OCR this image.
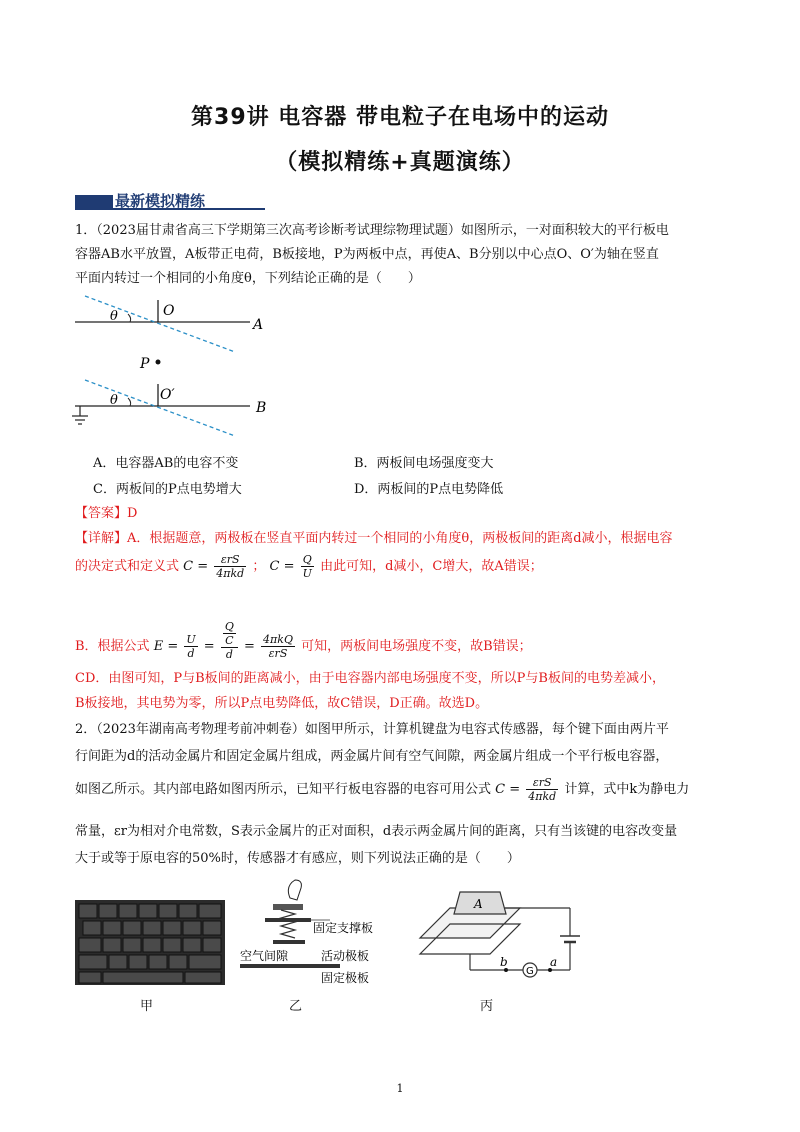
第39讲 电容器 带电粒子在电场中的运动
（模拟精练+真题演练）
最新模拟精练
1．（2023届甘肃省高三下学期第三次高考诊断考试理综物理试题）如图所示，一对面积较大的平行板电
容器AB水平放置，A板带正电荷，B板接地，P为两板中点，再使A、B分别以中心点O、O′为轴在竖直
平面内转过一个相同的小角度θ，下列结论正确的是（　　）
θ	O
A
P
θ	O′
B
A．电容器AB的电容不变	B．两板间电场强度变大
C．两板间的P点电势增大	D．两板间的P点电势降低
【答案】D
【详解】A．根据题意，两极板在竖直平面内转过一个相同的小角度θ，两极板间的距离d减小，根据电容
的决定式和定义式 $C = \frac{\text{εrS}}{\text{4πkd}}$ ； $C = \frac{Q}{U}$ 由此可知，d减小，C增大，故A错误；
B．根据公式 $E = \frac{U}{d} = \frac{\frac{Q}{C}}{d} = \frac{\text{4πkQ}}{\text{εrS}}$ 可知，两板间电场强度不变，故B错误；
CD．由图可知，P与B板间的距离减小，由于电容器内部电场强度不变，所以P与B板间的电势差减小，
B板接地，其电势为零，所以P点电势降低，故C错误，D正确。故选D。
2．（2023年湖南高考物理考前冲刺卷）如图甲所示，计算机键盘为电容式传感器，每个键下面由两片平
行间距为d的活动金属片和固定金属片组成，两金属片间有空气间隙，两金属片组成一个平行板电容器，
如图乙所示。其内部电路如图丙所示，已知平行板电容器的电容可用公式 $C = \frac{\text{εrS}}{\text{4πkd}}$ 计算，式中k为静电力
常量，εr为相对介电常数，S表示金属片的正对面积，d表示两金属片间的距离，只有当该键的电容改变量
大于或等于原电容的50%时，传感器才有感应，则下列说法正确的是（　　）
甲
固定支撑板
活动极板
空气间隙
固定极板
乙
A
G
b	a
丙
1
